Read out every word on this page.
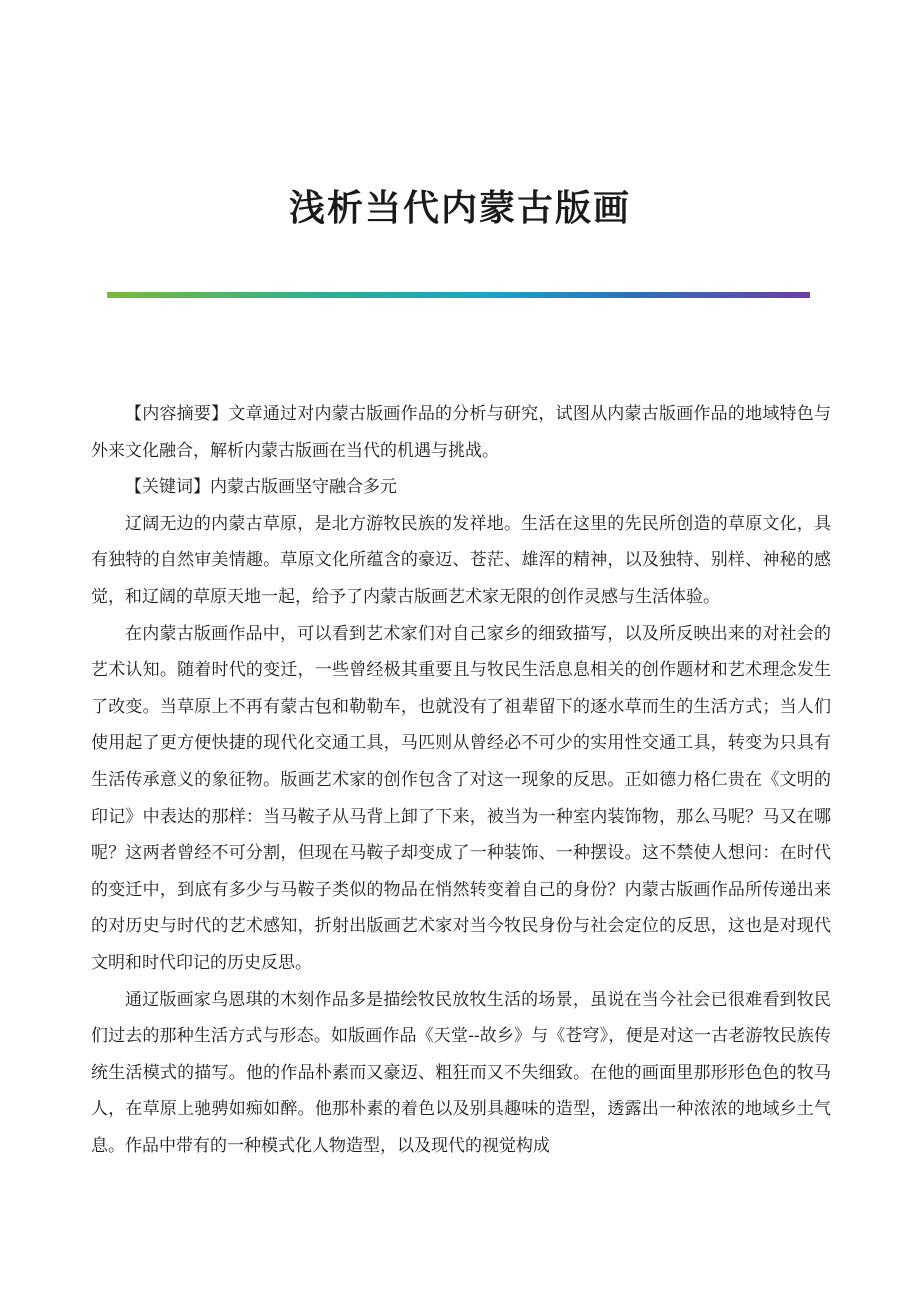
浅析当代内蒙古版画

【内容摘要】文章通过对内蒙古版画作品的分析与研究，试图从内蒙古版画作品的地域特色与外来文化融合，解析内蒙古版画在当代的机遇与挑战。

【关键词】内蒙古版画坚守融合多元

辽阔无边的内蒙古草原，是北方游牧民族的发祥地。生活在这里的先民所创造的草原文化，具有独特的自然审美情趣。草原文化所蕴含的豪迈、苍茫、雄浑的精神，以及独特、别样、神秘的感觉，和辽阔的草原天地一起，给予了内蒙古版画艺术家无限的创作灵感与生活体验。

在内蒙古版画作品中，可以看到艺术家们对自己家乡的细致描写，以及所反映出来的对社会的艺术认知。随着时代的变迁，一些曾经极其重要且与牧民生活息息相关的创作题材和艺术理念发生了改变。当草原上不再有蒙古包和勒勒车，也就没有了祖辈留下的逐水草而生的生活方式；当人们使用起了更方便快捷的现代化交通工具，马匹则从曾经必不可少的实用性交通工具，转变为只具有生活传承意义的象征物。版画艺术家的创作包含了对这一现象的反思。正如德力格仁贵在《文明的印记》中表达的那样：当马鞍子从马背上卸了下来，被当为一种室内装饰物，那么马呢？马又在哪呢？这两者曾经不可分割，但现在马鞍子却变成了一种装饰、一种摆设。这不禁使人想问：在时代的变迁中，到底有多少与马鞍子类似的物品在悄然转变着自己的身份？内蒙古版画作品所传递出来的对历史与时代的艺术感知，折射出版画艺术家对当今牧民身份与社会定位的反思，这也是对现代文明和时代印记的历史反思。

通辽版画家乌恩琪的木刻作品多是描绘牧民放牧生活的场景，虽说在当今社会已很难看到牧民们过去的那种生活方式与形态。如版画作品《天堂--故乡》与《苍穹》，便是对这一古老游牧民族传统生活模式的描写。他的作品朴素而又豪迈、粗狂而又不失细致。在他的画面里那形形色色的牧马人，在草原上驰骋如痴如醉。他那朴素的着色以及别具趣味的造型，透露出一种浓浓的地域乡土气息。作品中带有的一种模式化人物造型，以及现代的视觉构成
